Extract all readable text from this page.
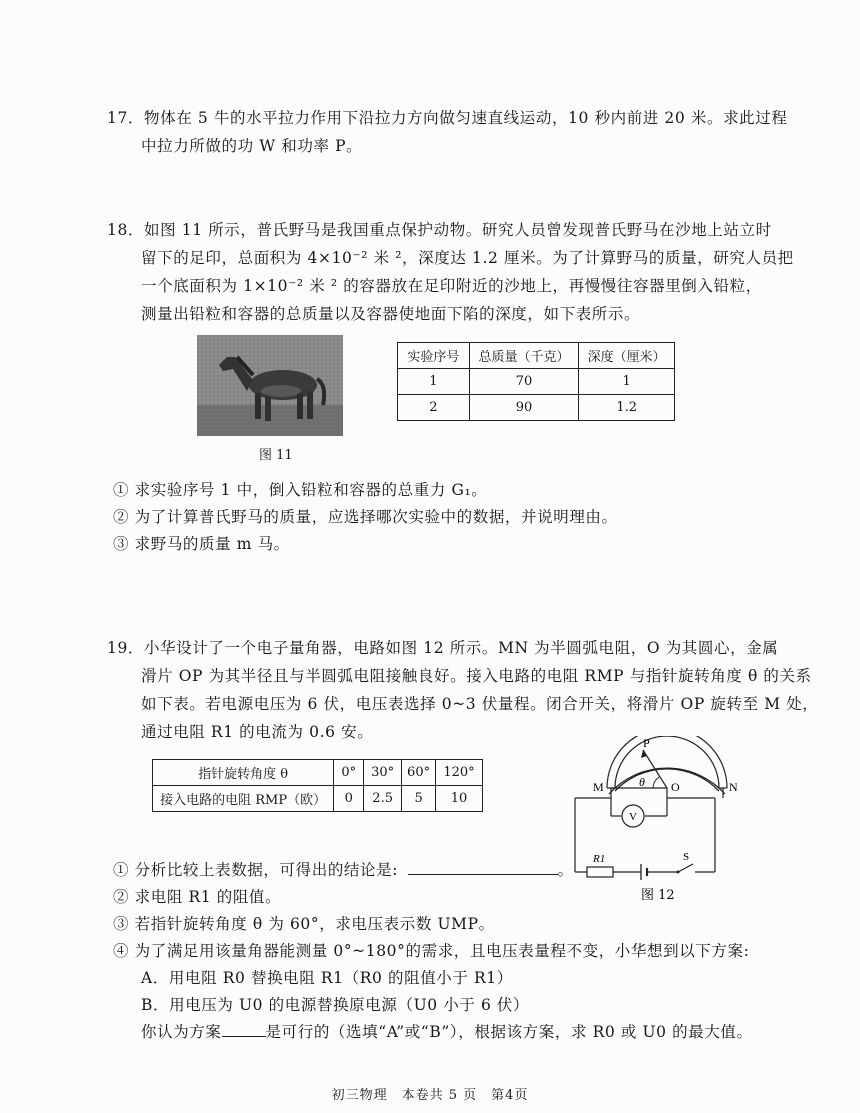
17．物体在 5 牛的水平拉力作用下沿拉力方向做匀速直线运动，10 秒内前进 20 米。求此过程
中拉力所做的功 W 和功率 P。
18．如图 11 所示，普氏野马是我国重点保护动物。研究人员曾发现普氏野马在沙地上站立时
留下的足印，总面积为 4×10⁻² 米 ²，深度达 1.2 厘米。为了计算野马的质量，研究人员把
一个底面积为 1×10⁻² 米 ² 的容器放在足印附近的沙地上，再慢慢往容器里倒入铅粒，
测量出铅粒和容器的总质量以及容器使地面下陷的深度，如下表所示。
图 11
实验序号	总质量（千克）	深度（厘米）
1	70	1
2	90	1.2
① 求实验序号 1 中，倒入铅粒和容器的总重力 G₁。
② 为了计算普氏野马的质量，应选择哪次实验中的数据，并说明理由。
③ 求野马的质量 m 马。
19．小华设计了一个电子量角器，电路如图 12 所示。MN 为半圆弧电阻，O 为其圆心，金属
滑片 OP 为其半径且与半圆弧电阻接触良好。接入电路的电阻 RMP 与指针旋转角度 θ 的关系
如下表。若电源电压为 6 伏，电压表选择 0~3 伏量程。闭合开关，将滑片 OP 旋转至 M 处，
通过电阻 R1 的电流为 0.6 安。
指针旋转角度 θ	0°	30°	60°	120°
接入电路的电阻 RMP（欧）	0	2.5	5	10
P
M	O	N
θ
V
R1	S
图 12
① 分析比较上表数据，可得出的结论是:	。
② 求电阻 R1 的阻值。
③ 若指针旋转角度 θ 为 60°，求电压表示数 UMP。
④ 为了满足用该量角器能测量 0°~180°的需求，且电压表量程不变，小华想到以下方案:
A．用电阻 R0 替换电阻 R1（R0 的阻值小于 R1）
B．用电压为 U0 的电源替换原电源（U0 小于 6 伏）
你认为方案	是可行的（选填“A”或“B”），根据该方案，求 R0 或 U0 的最大值。
初三物理　本卷共 5 页　第4页
